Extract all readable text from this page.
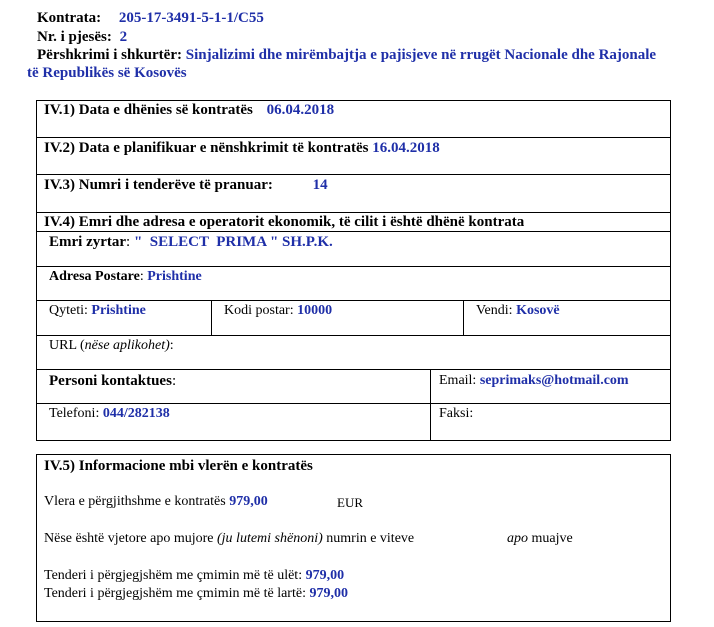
Kontrata: 205-17-3491-5-1-1/C55
Nr. i pjesës: 2
Përshkrimi i shkurtër: Sinjalizimi dhe mirëmbajtja e pajisjeve në rrugët Nacionale dhe Rajonale
të Republikës së Kosovës
IV.1) Data e dhënies së kontratës 06.04.2018
IV.2) Data e planifikuar e nënshkrimit të kontratës 16.04.2018
IV.3) Numri i tenderëve të pranuar:	14
IV.4) Emri dhe adresa e operatorit ekonomik, të cilit i është dhënë kontrata
Emri zyrtar: "  SELECT  PRIMA " SH.P.K.
Adresa Postare: Prishtine
Qyteti: Prishtine	Kodi postar: 10000	Vendi: Kosovë
URL (nëse aplikohet):
Personi kontaktues:	Email: seprimaks@hotmail.com
Telefoni: 044/282138	Faksi:
IV.5) Informacione mbi vlerën e kontratës
Vlera e përgjithshme e kontratës 979,00	EUR
Nëse është vjetore apo mujore (ju lutemi shënoni) numrin e viteve	apo muajve
Tenderi i përgjegjshëm me çmimin më të ulët: 979,00
Tenderi i përgjegjshëm me çmimin më të lartë: 979,00
